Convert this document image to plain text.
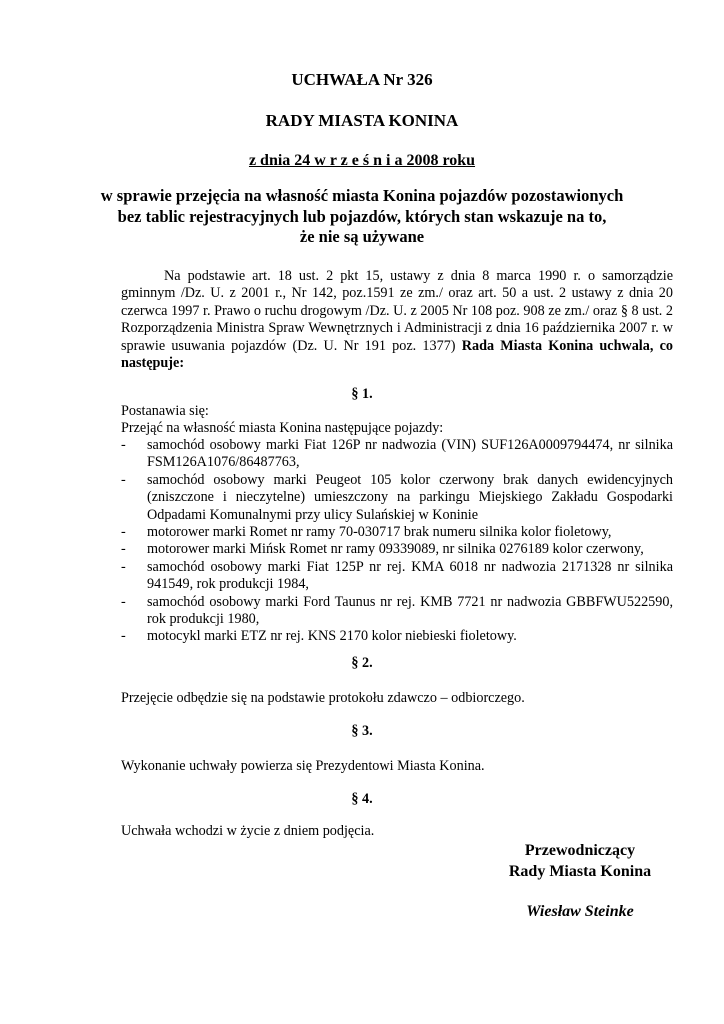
UCHWAŁA Nr 326
RADY MIASTA KONINA
z dnia 24 w r z e ś n i a 2008 roku
w sprawie przejęcia na własność miasta Konina pojazdów pozostawionych
bez tablic rejestracyjnych lub pojazdów, których stan wskazuje na to,
że nie są używane
Na podstawie art. 18 ust. 2 pkt 15, ustawy z dnia 8 marca 1990 r. o samorządzie gminnym /Dz. U. z 2001 r., Nr 142, poz.1591 ze zm./ oraz art. 50 a ust. 2 ustawy z dnia 20 czerwca 1997 r. Prawo o ruchu drogowym /Dz. U. z 2005 Nr 108 poz. 908 ze zm./ oraz § 8 ust. 2 Rozporządzenia Ministra Spraw Wewnętrznych i Administracji z dnia 16 października 2007 r. w sprawie usuwania pojazdów (Dz. U. Nr 191 poz. 1377) Rada Miasta Konina uchwala, co następuje:
§ 1.
Postanawia się:
Przejąć na własność miasta Konina następujące pojazdy:
- samochód osobowy marki Fiat 126P nr nadwozia (VIN) SUF126A0009794474, nr silnika FSM126A1076/86487763,
- samochód osobowy marki Peugeot 105 kolor czerwony brak danych ewidencyjnych (zniszczone i nieczytelne) umieszczony na parkingu Miejskiego Zakładu Gospodarki Odpadami Komunalnymi przy ulicy Sulańskiej w Koninie
- motorower marki Romet nr ramy 70-030717 brak numeru silnika kolor fioletowy,
- motorower marki Mińsk Romet nr ramy 09339089, nr silnika 0276189 kolor czerwony,
- samochód osobowy marki Fiat 125P nr rej. KMA 6018 nr nadwozia 2171328 nr silnika 941549, rok produkcji 1984,
- samochód osobowy marki Ford Taunus nr rej. KMB 7721 nr nadwozia GBBFWU522590, rok produkcji 1980,
- motocykl marki ETZ nr rej. KNS 2170 kolor niebieski fioletowy.
§ 2.
Przejęcie odbędzie się na podstawie protokołu zdawczo – odbiorczego.
§ 3.
Wykonanie uchwały powierza się Prezydentowi Miasta Konina.
§ 4.
Uchwała wchodzi w życie z dniem podjęcia.
Przewodniczący
Rady Miasta Konina
Wiesław Steinke
